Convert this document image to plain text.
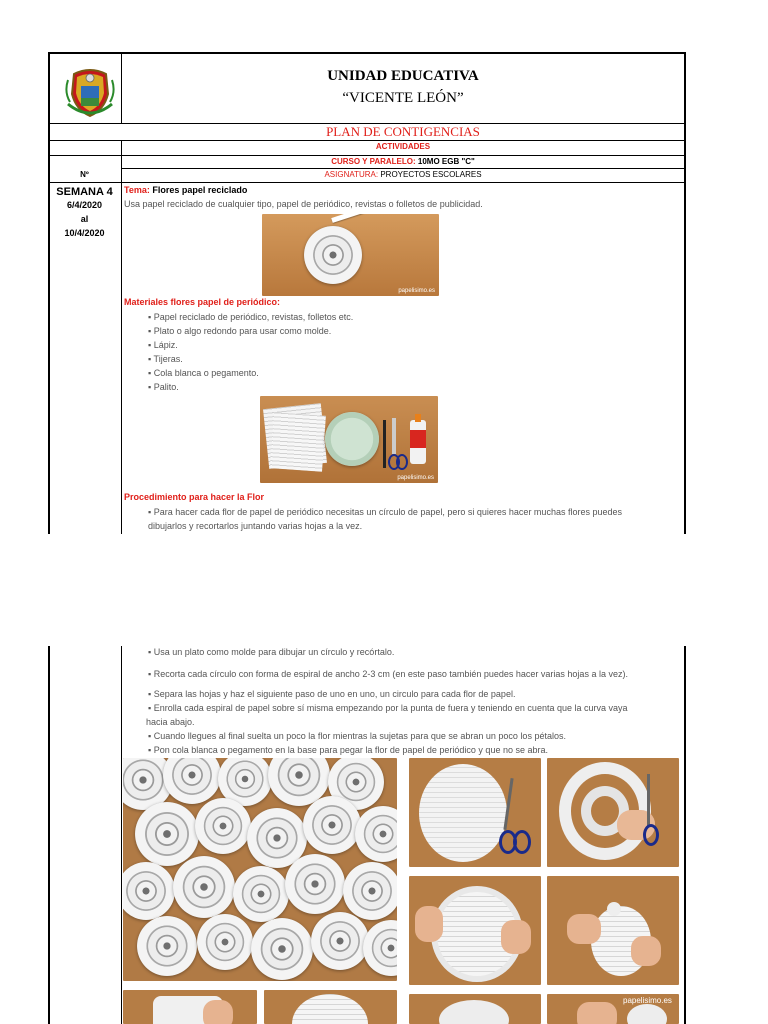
UNIDAD EDUCATIVA
“VICENTE LEÓN”
PLAN DE CONTIGENCIAS
ACTIVIDADES
CURSO Y PARALELO: 10MO EGB "C"
ASIGNATURA: PROYECTOS ESCOLARES
Nº
SEMANA 4
6/4/2020
al
10/4/2020
Tema: Flores papel reciclado
Usa papel reciclado de cualquier tipo, papel de periódico, revistas o folletos de publicidad.
papelisimo.es
Materiales flores papel de periódico:
▪ Papel reciclado de periódico, revistas, folletos etc.
▪ Plato o algo redondo para usar como molde.
▪ Lápiz.
▪ Tijeras.
▪ Cola blanca o pegamento.
▪ Palito.
papelisimo.es
Procedimiento para hacer la Flor
▪ Para hacer cada flor de papel de periódico necesitas un círculo de papel, pero si quieres hacer muchas flores puedes
dibujarlos y recortarlos juntando varias hojas a la vez.
▪ Usa un plato como molde para dibujar un círculo y recórtalo.
▪ Recorta cada círculo con forma de espiral de ancho 2-3 cm (en este paso también puedes hacer varias hojas a la vez).
▪ Separa las hojas y haz el siguiente paso de uno en uno, un circulo para cada flor de papel.
▪ Enrolla cada espiral de papel sobre sí misma empezando por la punta de fuera y teniendo en cuenta que la curva vaya
hacia abajo.
▪ Cuando llegues al final suelta un poco la flor mientras la sujetas para que se abran un poco los pétalos.
▪ Pon cola blanca o pegamento en la base para pegar la flor de papel de periódico y que no se abra.
papelisimo.es
